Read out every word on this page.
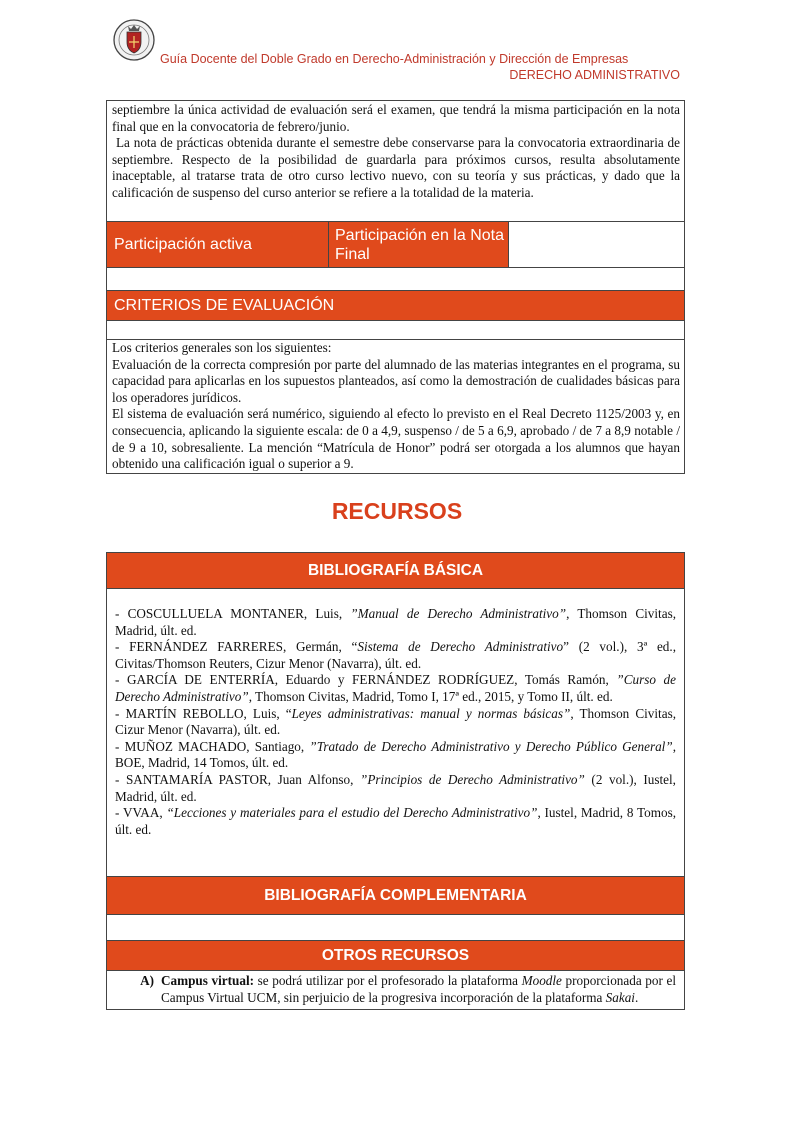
Guía Docente del Doble Grado en Derecho-Administración y Dirección de Empresas
DERECHO ADMINISTRATIVO
septiembre la única actividad de evaluación será el examen, que tendrá la misma participación en la nota final que en la convocatoria de febrero/junio.
La nota de prácticas obtenida durante el semestre debe conservarse para la convocatoria extraordinaria de septiembre. Respecto de la posibilidad de guardarla para próximos cursos, resulta absolutamente inaceptable, al tratarse trata de otro curso lectivo nuevo, con su teoría y sus prácticas, y dado que la calificación de suspenso del curso anterior se refiere a la totalidad de la materia.
Participación activa
Participación en la Nota Final
CRITERIOS DE EVALUACIÓN
Los criterios generales son los siguientes:
Evaluación de la correcta compresión por parte del alumnado de las materias integrantes en el programa, su capacidad para aplicarlas en los supuestos planteados, así como la demostración de cualidades básicas para los operadores jurídicos.
El sistema de evaluación será numérico, siguiendo al efecto lo previsto en el Real Decreto 1125/2003 y, en consecuencia, aplicando la siguiente escala: de 0 a 4,9, suspenso / de 5 a 6,9, aprobado / de 7 a 8,9 notable / de 9 a 10, sobresaliente. La mención “Matrícula de Honor” podrá ser otorgada a los alumnos que hayan obtenido una calificación igual o superior a 9.
RECURSOS
BIBLIOGRAFÍA BÁSICA

- COSCULLUELA MONTANER, Luis, ”Manual de Derecho Administrativo”, Thomson Civitas, Madrid, últ. ed.

- FERNÁNDEZ FARRERES, Germán, “Sistema de Derecho Administrativo” (2 vol.), 3ª ed., Civitas/Thomson Reuters, Cizur Menor (Navarra), últ. ed.

- GARCÍA DE ENTERRÍA, Eduardo y FERNÁNDEZ RODRÍGUEZ, Tomás Ramón, ”Curso de Derecho Administrativo”, Thomson Civitas, Madrid, Tomo I, 17ª ed., 2015, y Tomo II, últ. ed.

- MARTÍN REBOLLO, Luis, “Leyes administrativas: manual y normas básicas”, Thomson Civitas, Cizur Menor (Navarra), últ. ed.

- MUÑOZ MACHADO, Santiago, ”Tratado de Derecho Administrativo y Derecho Público General”, BOE, Madrid, 14 Tomos, últ. ed.

- SANTAMARÍA PASTOR, Juan Alfonso, ”Principios de Derecho Administrativo” (2 vol.), Iustel, Madrid, últ. ed.

- VVAA, “Lecciones y materiales para el estudio del Derecho Administrativo”, Iustel, Madrid, 8 Tomos, últ. ed.

BIBLIOGRAFÍA COMPLEMENTARIA
OTROS RECURSOS
A) Campus virtual: se podrá utilizar por el profesorado la plataforma Moodle proporcionada por el Campus Virtual UCM, sin perjuicio de la progresiva incorporación de la plataforma Sakai.
